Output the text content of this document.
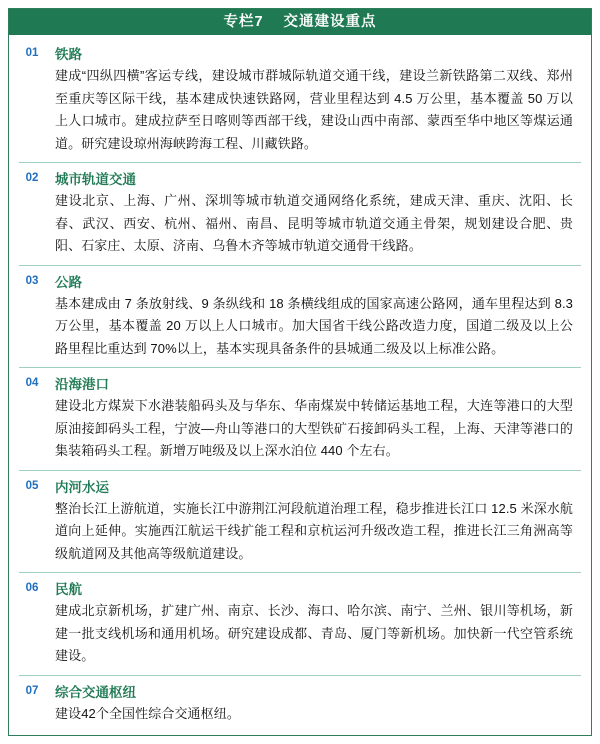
专栏7 交通建设重点
01	铁路
建成“四纵四横”客运专线，建设城市群城际轨道交通干线，建设兰新铁路第二双线、郑州至重庆等区际干线，基本建成快速铁路网，营业里程达到 4.5 万公里，基本覆盖 50 万以上人口城市。建成拉萨至日喀则等西部干线，建设山西中南部、蒙西至华中地区等煤运通道。研究建设琼州海峡跨海工程、川藏铁路。

02	城市轨道交通
建设北京、上海、广州、深圳等城市轨道交通网络化系统，建成天津、重庆、沈阳、长春、武汉、西安、杭州、福州、南昌、昆明等城市轨道交通主骨架，规划建设合肥、贵阳、石家庄、太原、济南、乌鲁木齐等城市轨道交通骨干线路。

03	公路
基本建成由 7 条放射线、9 条纵线和 18 条横线组成的国家高速公路网，通车里程达到 8.3 万公里，基本覆盖 20 万以上人口城市。加大国省干线公路改造力度，国道二级及以上公路里程比重达到 70%以上，基本实现具备条件的县城通二级及以上标准公路。

04	沿海港口
建设北方煤炭下水港装船码头及与华东、华南煤炭中转储运基地工程，大连等港口的大型原油接卸码头工程，宁波—舟山等港口的大型铁矿石接卸码头工程，上海、天津等港口的集装箱码头工程。新增万吨级及以上深水泊位 440 个左右。

05	内河水运
整治长江上游航道，实施长江中游荆江河段航道治理工程，稳步推进长江口 12.5 米深水航道向上延伸。实施西江航运干线扩能工程和京杭运河升级改造工程，推进长江三角洲高等级航道网及其他高等级航道建设。

06	民航
建成北京新机场，扩建广州、南京、长沙、海口、哈尔滨、南宁、兰州、银川等机场，新建一批支线机场和通用机场。研究建设成都、青岛、厦门等新机场。加快新一代空管系统建设。

07	综合交通枢纽
建设42个全国性综合交通枢纽。
